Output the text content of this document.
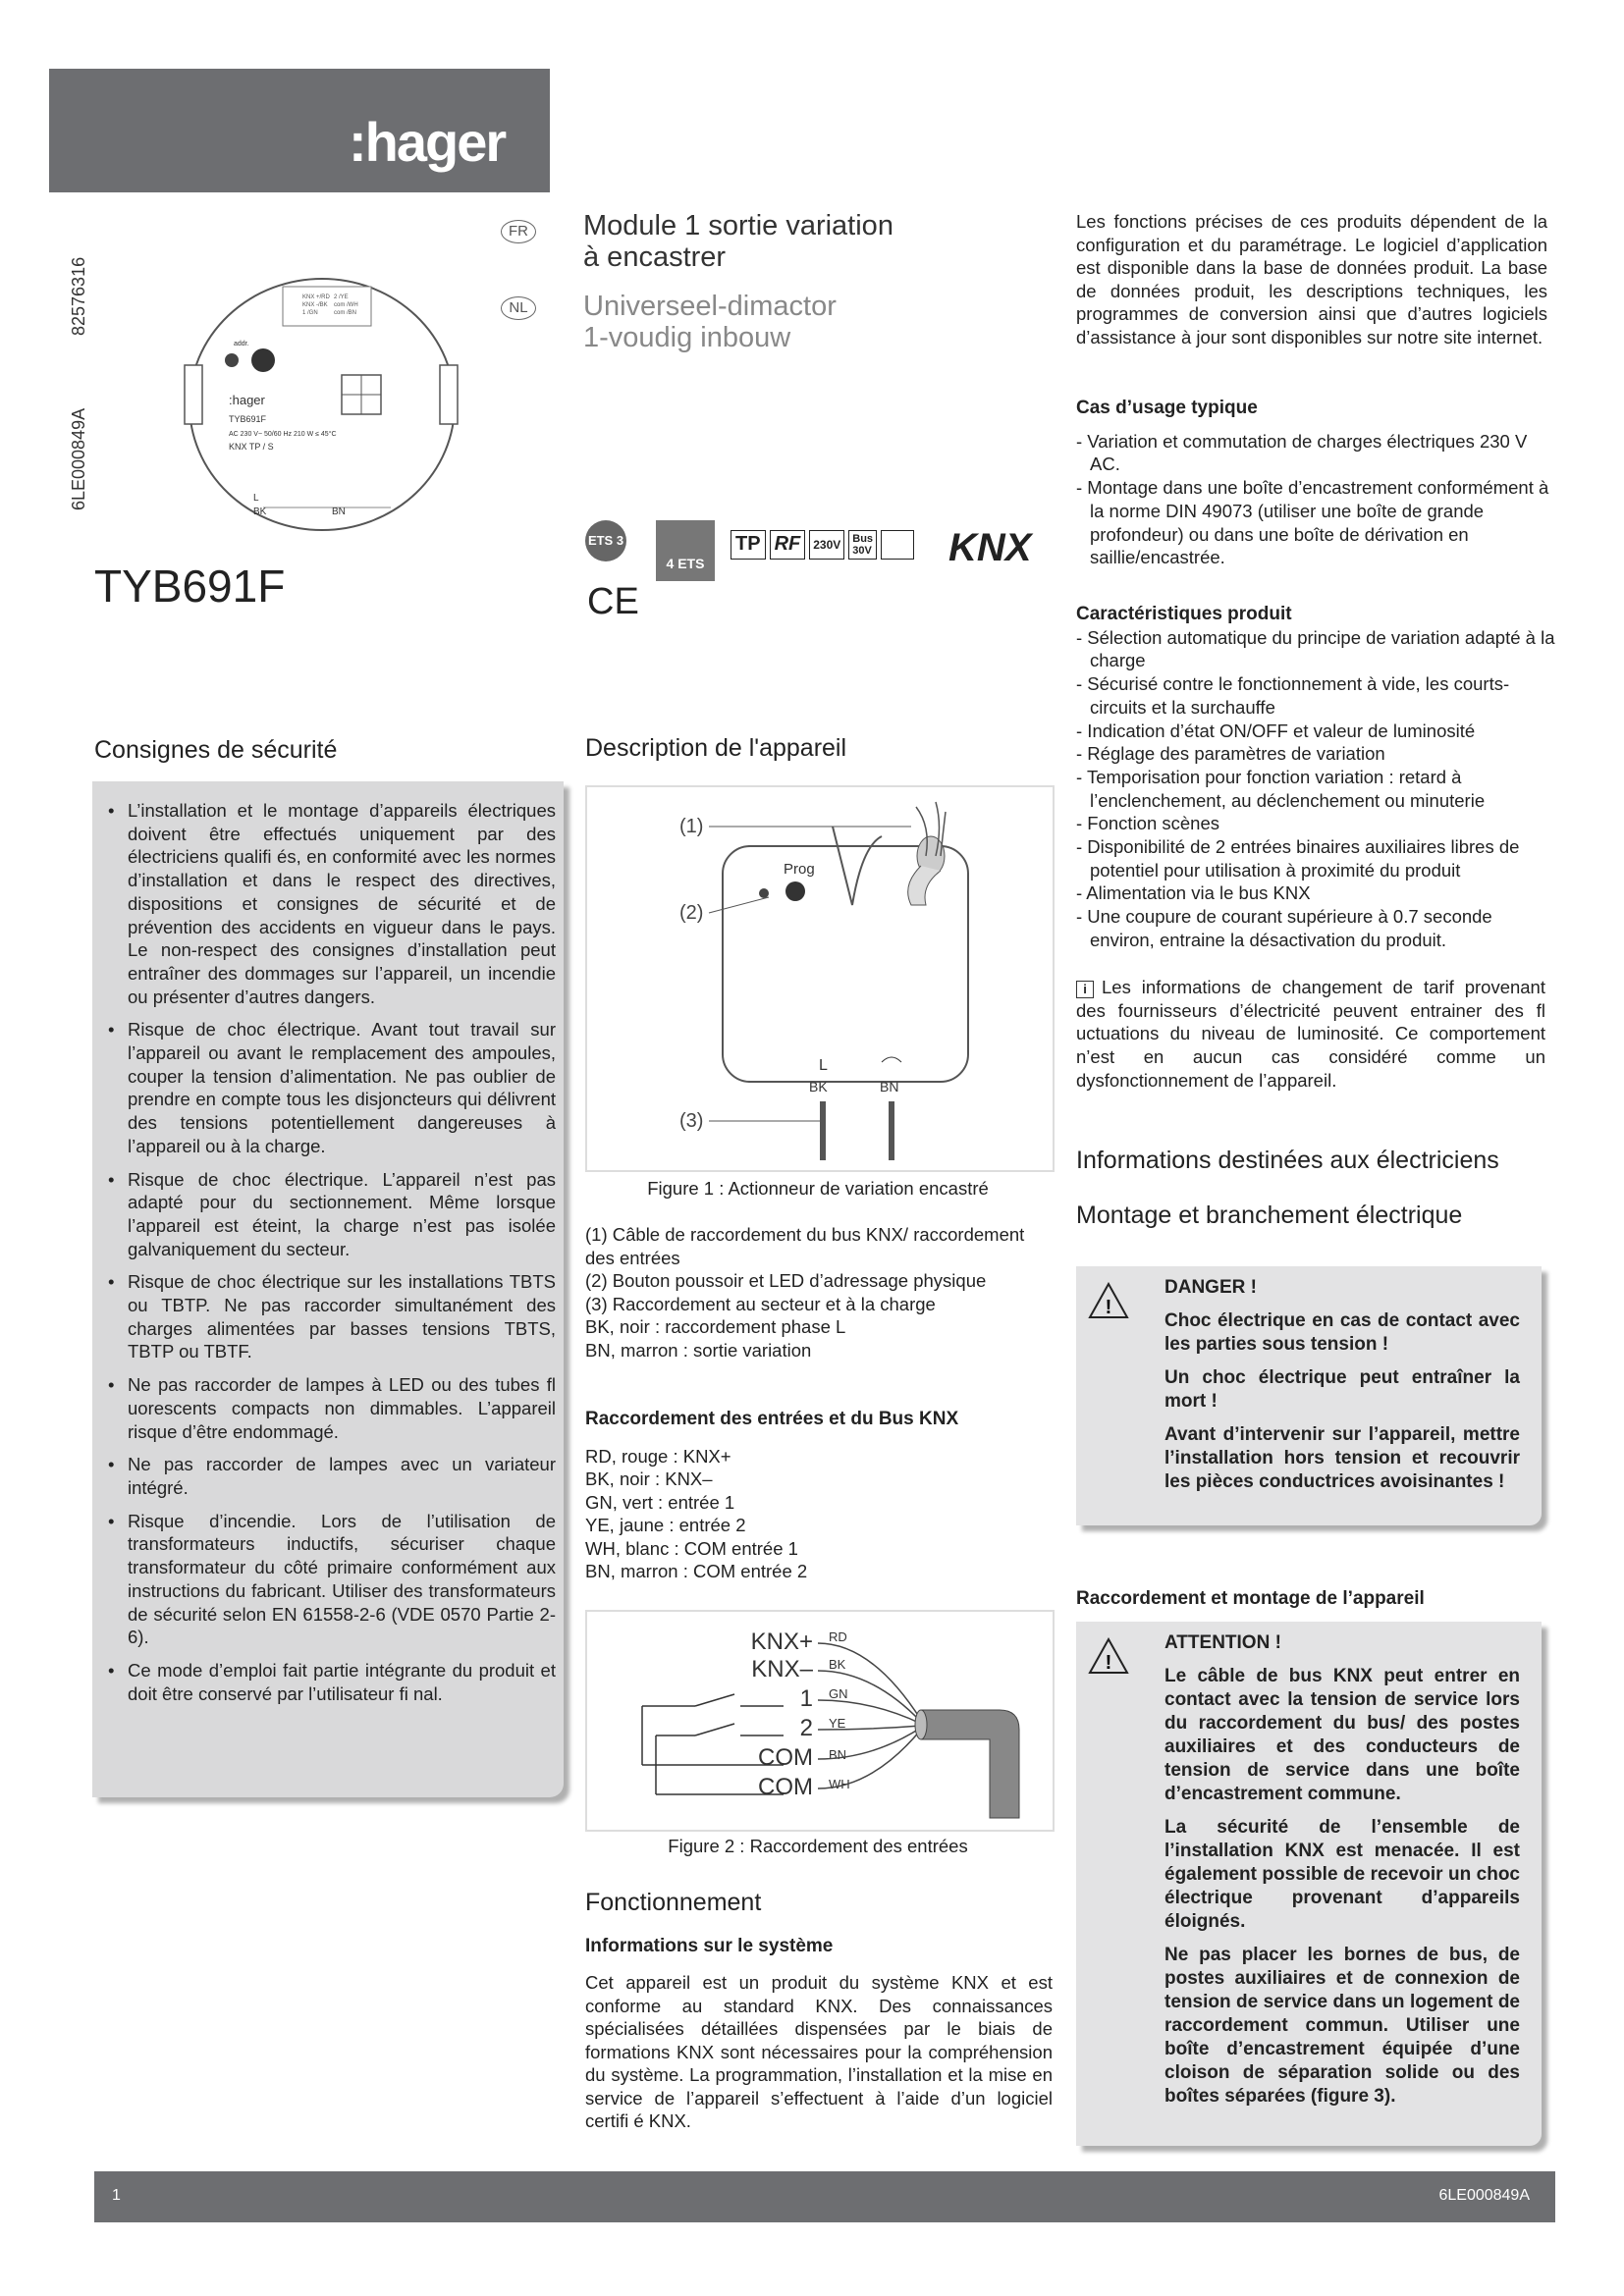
:hager
6LE000849A
82576316
:hager
TYB691F
AC 230 V~ 50/60 Hz 210 W ≤ 45°C
KNX TP / S
addr.
KNX +/RD
KNX -/BK
1 /GN
2 /YE
com /WH
com /BN
L
BK	BN
TYB691F
FR Module 1 sortie variation
à encastrer
NL Universeel-dimactor
1-voudig inbouw
ETS 3
4 ETS
TP RF	230V	Bus
30V KNX
CE
Les fonctions précises de ces produits dépendent de la configuration et du paramétrage. Le logiciel d’application est disponible dans la base de données produit. La base de données produit, les descriptions techniques, les programmes de conversion ainsi que d’autres logiciels d’assistance à jour sont disponibles sur notre site internet.
Cas d’usage typique
- Variation et commutation de charges électriques 230 V AC.
- Montage dans une boîte d’encastrement conformément à la norme DIN 49073 (utiliser une boîte de grande profondeur) ou dans une boîte de dérivation en saillie/encastrée.
Caractéristiques produit
- Sélection automatique du principe de variation adapté à la charge
- Sécurisé contre le fonctionnement à vide, les courts-circuits et la surchauffe
- Indication d’état ON/OFF et valeur de luminosité
- Réglage des paramètres de variation
- Temporisation pour fonction variation : retard à l’enclenchement, au déclenchement ou minuterie
- Fonction scènes
- Disponibilité de 2 entrées binaires auxiliaires libres de potentiel pour utilisation à proximité du produit
- Alimentation via le bus KNX
- Une coupure de courant supérieure à 0.7 seconde environ, entraine la désactivation du produit.
i Les informations de changement de tarif provenant des fournisseurs d’électricité peuvent entrainer des fl uctuations du niveau de luminosité. Ce comportement n’est en aucun cas considéré comme un dysfonctionnement de l’appareil.
Informations destinées aux électriciens
Montage et branchement électrique
!
DANGER !
Choc électrique en cas de contact avec les parties sous tension !
Un choc électrique peut entraîner la mort !
Avant d’intervenir sur l’appareil, mettre l’installation hors tension et recouvrir les pièces conductrices avoisinantes !
Raccordement et montage de l’appareil
!
ATTENTION !
Le câble de bus KNX peut entrer en contact avec la tension de service lors du raccordement du bus/ des postes auxiliaires et des conducteurs de tension de service dans une boîte d’encastrement commune.
La sécurité de l’ensemble de l’installation KNX est menacée. Il est également possible de recevoir un choc électrique provenant d’appareils éloignés.
Ne pas placer les bornes de bus, de postes auxiliaires et de connexion de tension de service dans un logement de raccordement commun. Utiliser une boîte d’encastrement équipée d’une cloison de séparation solide ou des boîtes séparées (figure 3).
Consignes de sécurité
• L’installation et le montage d’appareils électriques doivent être effectués uniquement par des électriciens qualifi és, en conformité avec les normes d’installation et dans le respect des directives, dispositions et consignes de sécurité et de prévention des accidents en vigueur dans le pays. Le non-respect des consignes d’installation peut entraîner des dommages sur l’appareil, un incendie ou présenter d’autres dangers.
• Risque de choc électrique. Avant tout travail sur l’appareil ou avant le remplacement des ampoules, couper la tension d’alimentation. Ne pas oublier de prendre en compte tous les disjoncteurs qui délivrent des tensions potentiellement dangereuses à l’appareil ou à la charge.
• Risque de choc électrique. L’appareil n’est pas adapté pour du sectionnement. Même lorsque l’appareil est éteint, la charge n’est pas isolée galvaniquement du secteur.
• Risque de choc électrique sur les installations TBTS ou TBTP. Ne pas raccorder simultanément des charges alimentées par basses tensions TBTS, TBTP ou TBTF.
• Ne pas raccorder de lampes à LED ou des tubes fl uorescents compacts non dimmables. L’appareil risque d’être endommagé.
• Ne pas raccorder de lampes avec un variateur intégré.
• Risque d’incendie. Lors de l’utilisation de transformateurs inductifs, sécuriser chaque transformateur du côté primaire conformément aux instructions du fabricant. Utiliser des transformateurs de sécurité selon EN 61558-2-6 (VDE 0570 Partie 2-6).
• Ce mode d’emploi fait partie intégrante du produit et doit être conservé par l’utilisateur fi nal.
Description de l'appareil
Prog
L
BK	BN
(1)
(2)
(3)
Figure 1 : Actionneur de variation encastré
(1) Câble de raccordement du bus KNX/ raccordement des entrées
(2) Bouton poussoir et LED d’adressage physique
(3) Raccordement au secteur et à la charge
BK, noir : raccordement phase L
BN, marron : sortie variation
Raccordement des entrées et du Bus KNX
RD, rouge : KNX+
BK, noir : KNX–
GN, vert : entrée 1
YE, jaune : entrée 2
WH, blanc : COM entrée 1
BN, marron : COM entrée 2
KNX+
KNX–
1
2
COM
COM
RD
BK
GN
YE
BN
WH
Figure 2 : Raccordement des entrées
Fonctionnement
Informations sur le système
Cet appareil est un produit du système KNX et est conforme au standard KNX. Des connaissances spécialisées détaillées dispensées par le biais de formations KNX sont nécessaires pour la compréhension du système. La programmation, l’installation et la mise en service de l’appareil s’effectuent à l’aide d’un logiciel certifi é KNX.
1	6LE000849A
